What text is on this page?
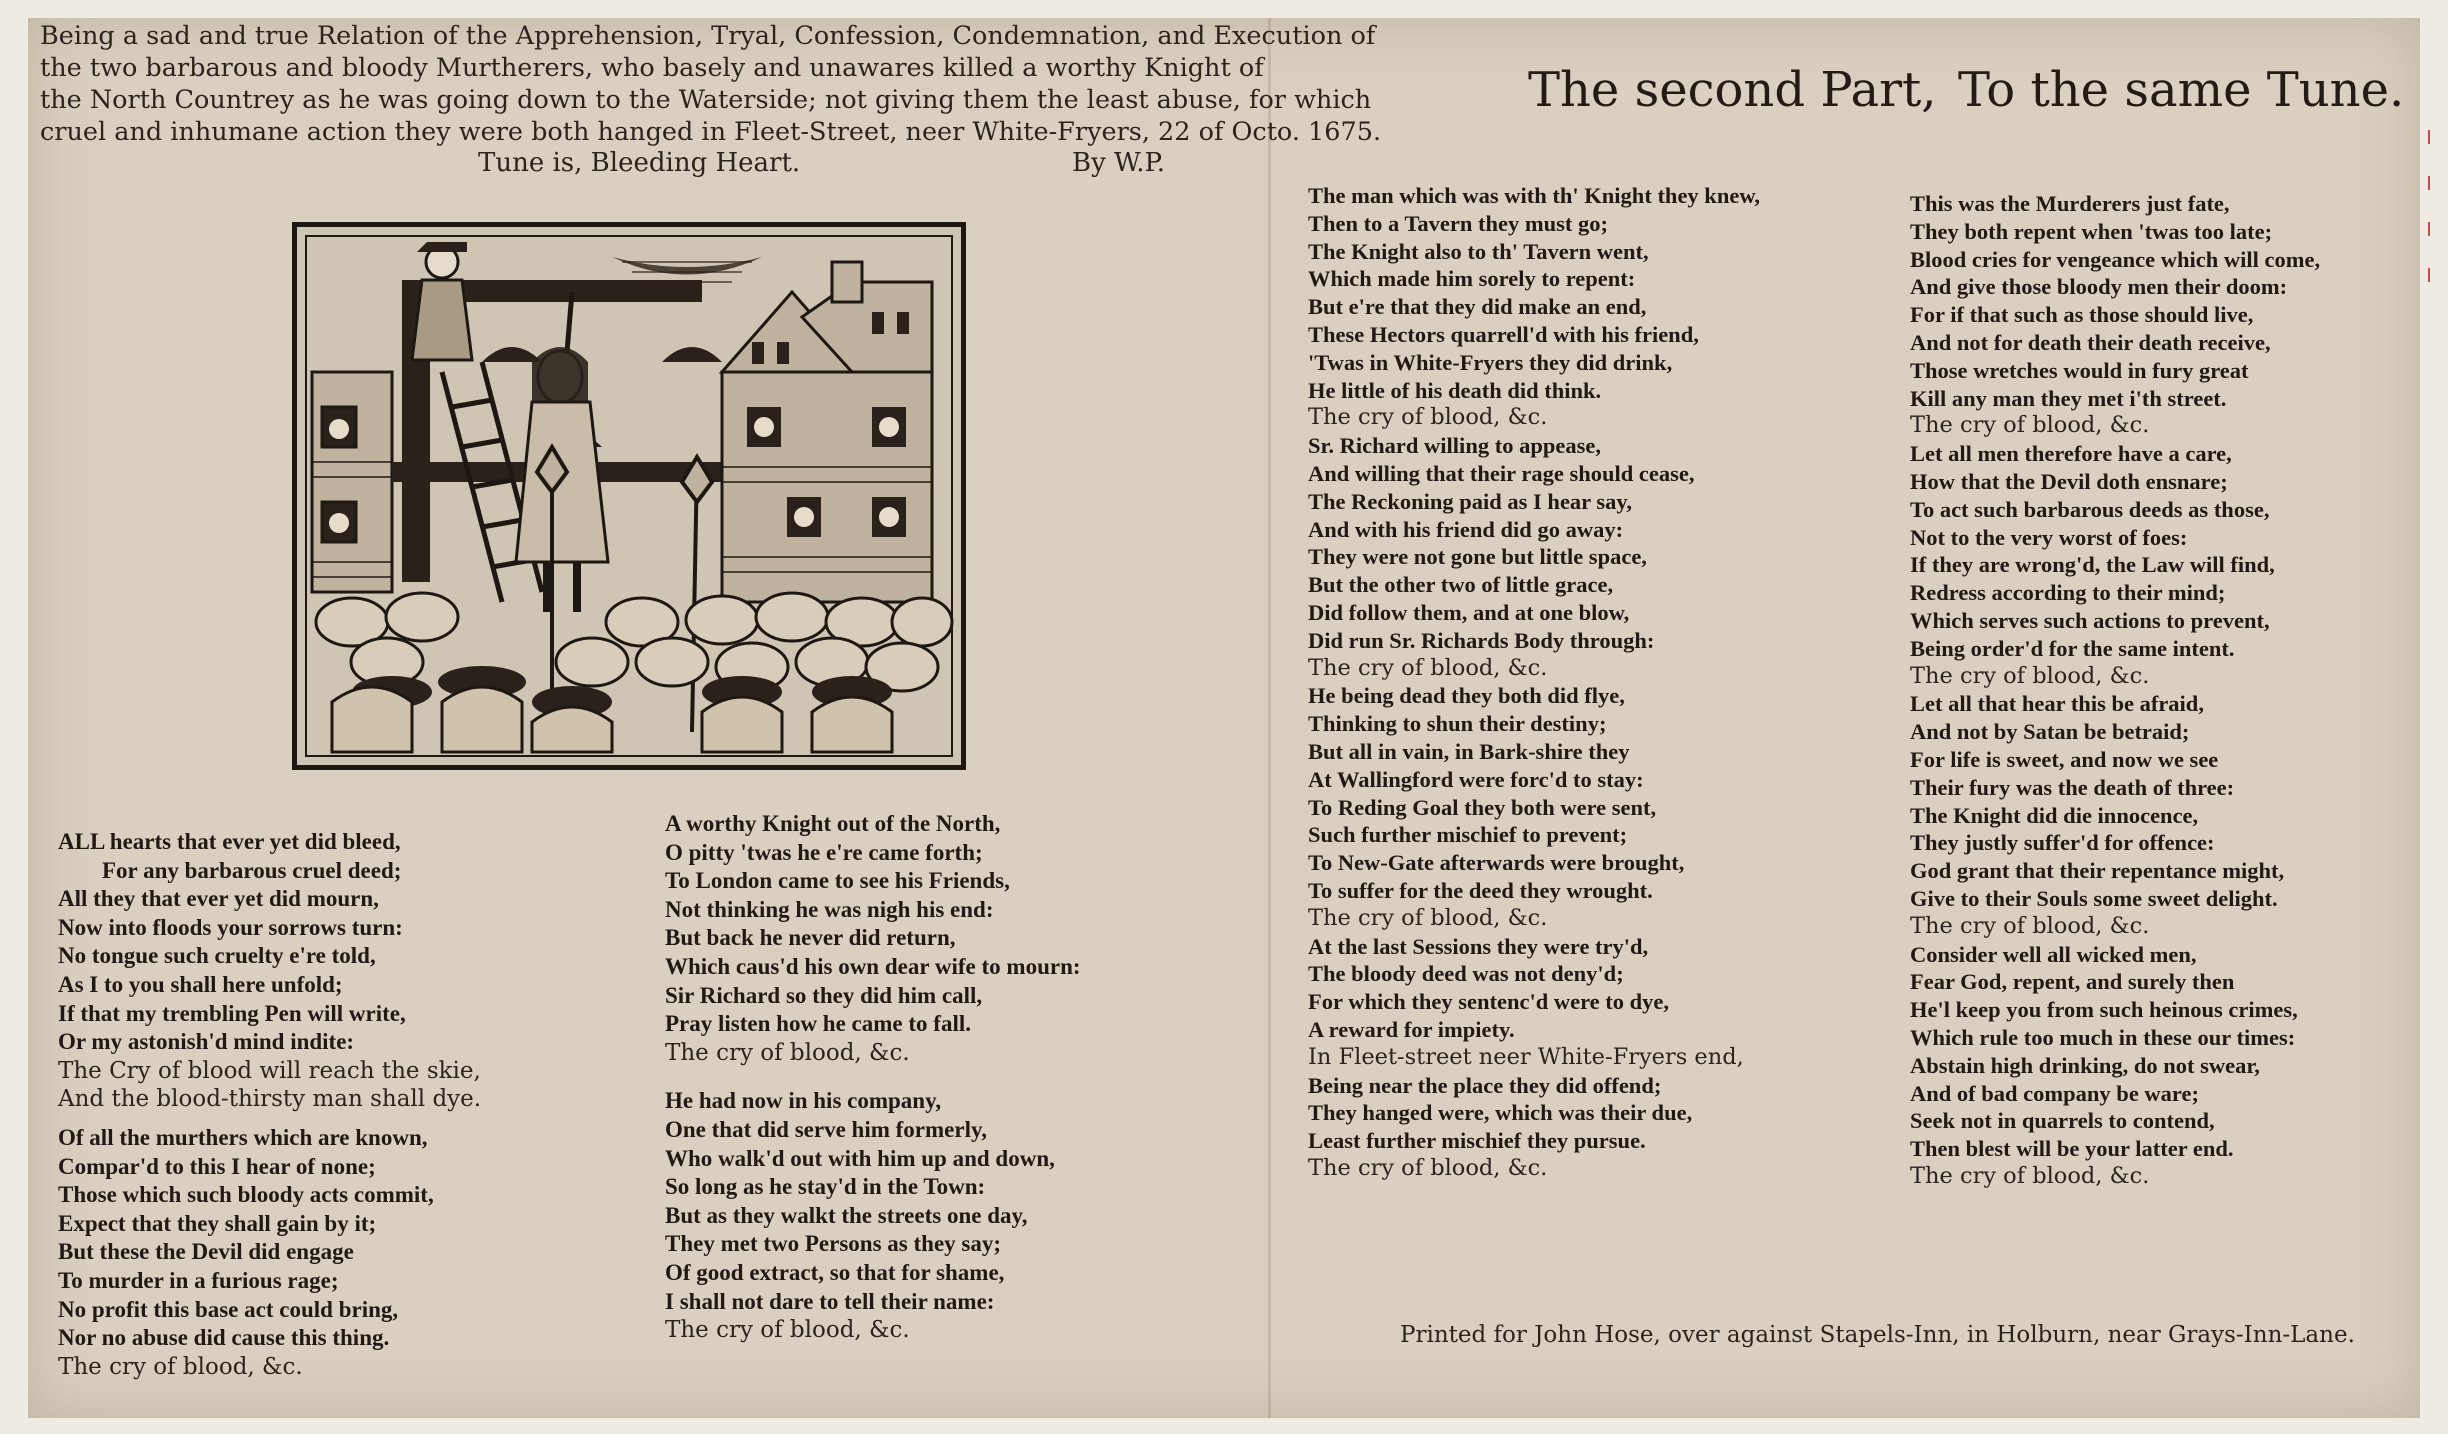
Being a sad and true Relation of the Apprehension, Tryal, Confession, Condemnation, and Execution of
the two barbarous and bloody Murtherers, who basely and unawares killed a worthy Knight of
the North Countrey as he was going down to the Waterside; not giving them the least abuse, for which
cruel and inhumane action they were both hanged in Fleet-Street, neer White-Fryers, 22 of Octo. 1675.
Tune is, Bleeding Heart.	By W.P.
ALL hearts that ever yet did bleed,
For any barbarous cruel deed;
All they that ever yet did mourn,
Now into floods your sorrows turn:
No tongue such cruelty e're told,
As I to you shall here unfold;
If that my trembling Pen will write,
Or my astonish'd mind indite:
The Cry of blood will reach the skie,
And the blood-thirsty man shall dye.
Of all the murthers which are known,
Compar'd to this I hear of none;
Those which such bloody acts commit,
Expect that they shall gain by it;
But these the Devil did engage
To murder in a furious rage;
No profit this base act could bring,
Nor no abuse did cause this thing.
The cry of blood, &c.
A worthy Knight out of the North,
O pitty 'twas he e're came forth;
To London came to see his Friends,
Not thinking he was nigh his end:
But back he never did return,
Which caus'd his own dear wife to mourn:
Sir Richard so they did him call,
Pray listen how he came to fall.
The cry of blood, &c.
He had now in his company,
One that did serve him formerly,
Who walk'd out with him up and down,
So long as he stay'd in the Town:
But as they walkt the streets one day,
They met two Persons as they say;
Of good extract, so that for shame,
I shall not dare to tell their name:
The cry of blood, &c.
The second Part, To the same Tune.
The man which was with th' Knight they knew,
Then to a Tavern they must go;
The Knight also to th' Tavern went,
Which made him sorely to repent:
But e're that they did make an end,
These Hectors quarrell'd with his friend,
'Twas in White-Fryers they did drink,
He little of his death did think.
The cry of blood, &c.
Sr. Richard willing to appease,
And willing that their rage should cease,
The Reckoning paid as I hear say,
And with his friend did go away:
They were not gone but little space,
But the other two of little grace,
Did follow them, and at one blow,
Did run Sr. Richards Body through:
The cry of blood, &c.
He being dead they both did flye,
Thinking to shun their destiny;
But all in vain, in Bark-shire they
At Wallingford were forc'd to stay:
To Reding Goal they both were sent,
Such further mischief to prevent;
To New-Gate afterwards were brought,
To suffer for the deed they wrought.
The cry of blood, &c.
At the last Sessions they were try'd,
The bloody deed was not deny'd;
For which they sentenc'd were to dye,
A reward for impiety.
In Fleet-street neer White-Fryers end,
Being near the place they did offend;
They hanged were, which was their due,
Least further mischief they pursue.
The cry of blood, &c.
This was the Murderers just fate,
They both repent when 'twas too late;
Blood cries for vengeance which will come,
And give those bloody men their doom:
For if that such as those should live,
And not for death their death receive,
Those wretches would in fury great
Kill any man they met i'th street.
The cry of blood, &c.
Let all men therefore have a care,
How that the Devil doth ensnare;
To act such barbarous deeds as those,
Not to the very worst of foes:
If they are wrong'd, the Law will find,
Redress according to their mind;
Which serves such actions to prevent,
Being order'd for the same intent.
The cry of blood, &c.
Let all that hear this be afraid,
And not by Satan be betraid;
For life is sweet, and now we see
Their fury was the death of three:
The Knight did die innocence,
They justly suffer'd for offence:
God grant that their repentance might,
Give to their Souls some sweet delight.
The cry of blood, &c.
Consider well all wicked men,
Fear God, repent, and surely then
He'l keep you from such heinous crimes,
Which rule too much in these our times:
Abstain high drinking, do not swear,
And of bad company be ware;
Seek not in quarrels to contend,
Then blest will be your latter end.
The cry of blood, &c.
Printed for John Hose, over against Stapels-Inn, in Holburn, near Grays-Inn-Lane.
